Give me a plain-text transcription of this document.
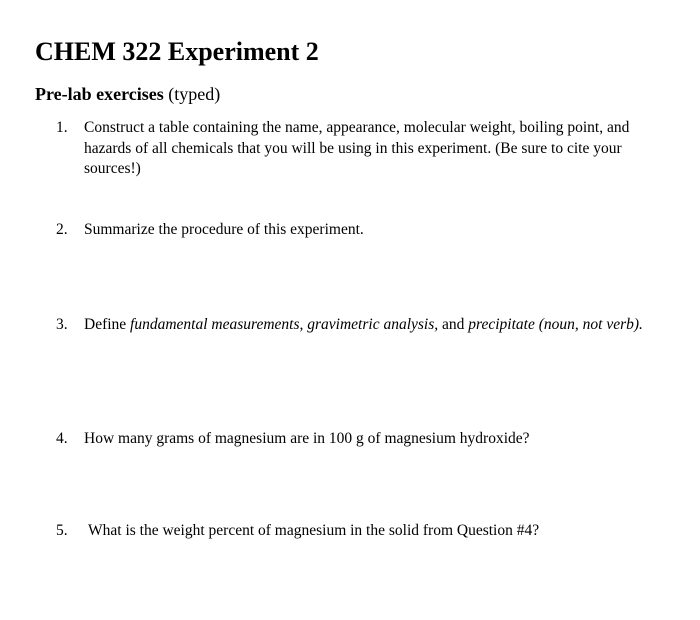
CHEM 322 Experiment 2

Pre-lab exercises (typed)

1.	Construct a table containing the name, appearance, molecular weight, boiling point, and hazards of all chemicals that you will be using in this experiment. (Be sure to cite your sources!)
2.	Summarize the procedure of this experiment.
3.	Define fundamental measurements, gravimetric analysis, and precipitate (noun, not verb).
4.	How many grams of magnesium are in 100 g of magnesium hydroxide?
5.	What is the weight percent of magnesium in the solid from Question #4?
